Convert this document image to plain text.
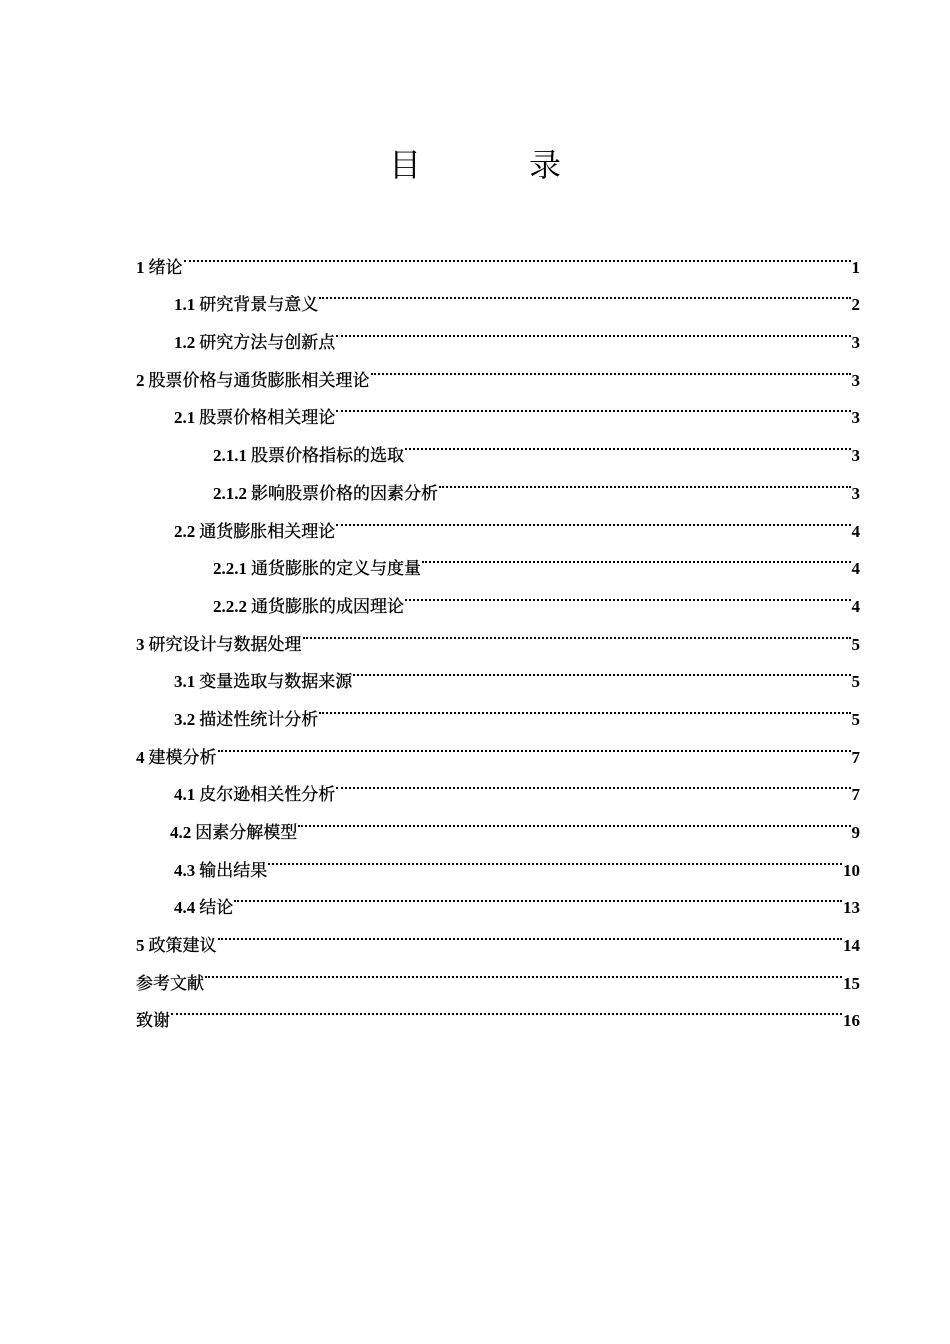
目　录
1 绪论	1
1.1 研究背景与意义	2
1.2 研究方法与创新点	3
2 股票价格与通货膨胀相关理论	3
2.1 股票价格相关理论	3
2.1.1 股票价格指标的选取	3
2.1.2 影响股票价格的因素分析	3
2.2 通货膨胀相关理论	4
2.2.1 通货膨胀的定义与度量	4
2.2.2 通货膨胀的成因理论	4
3 研究设计与数据处理	5
3.1 变量选取与数据来源	5
3.2 描述性统计分析	5
4 建模分析	7
4.1 皮尔逊相关性分析	7
4.2 因素分解模型	9
4.3 输出结果	10
4.4 结论	13
5 政策建议	14
参考文献	15
致谢	16
